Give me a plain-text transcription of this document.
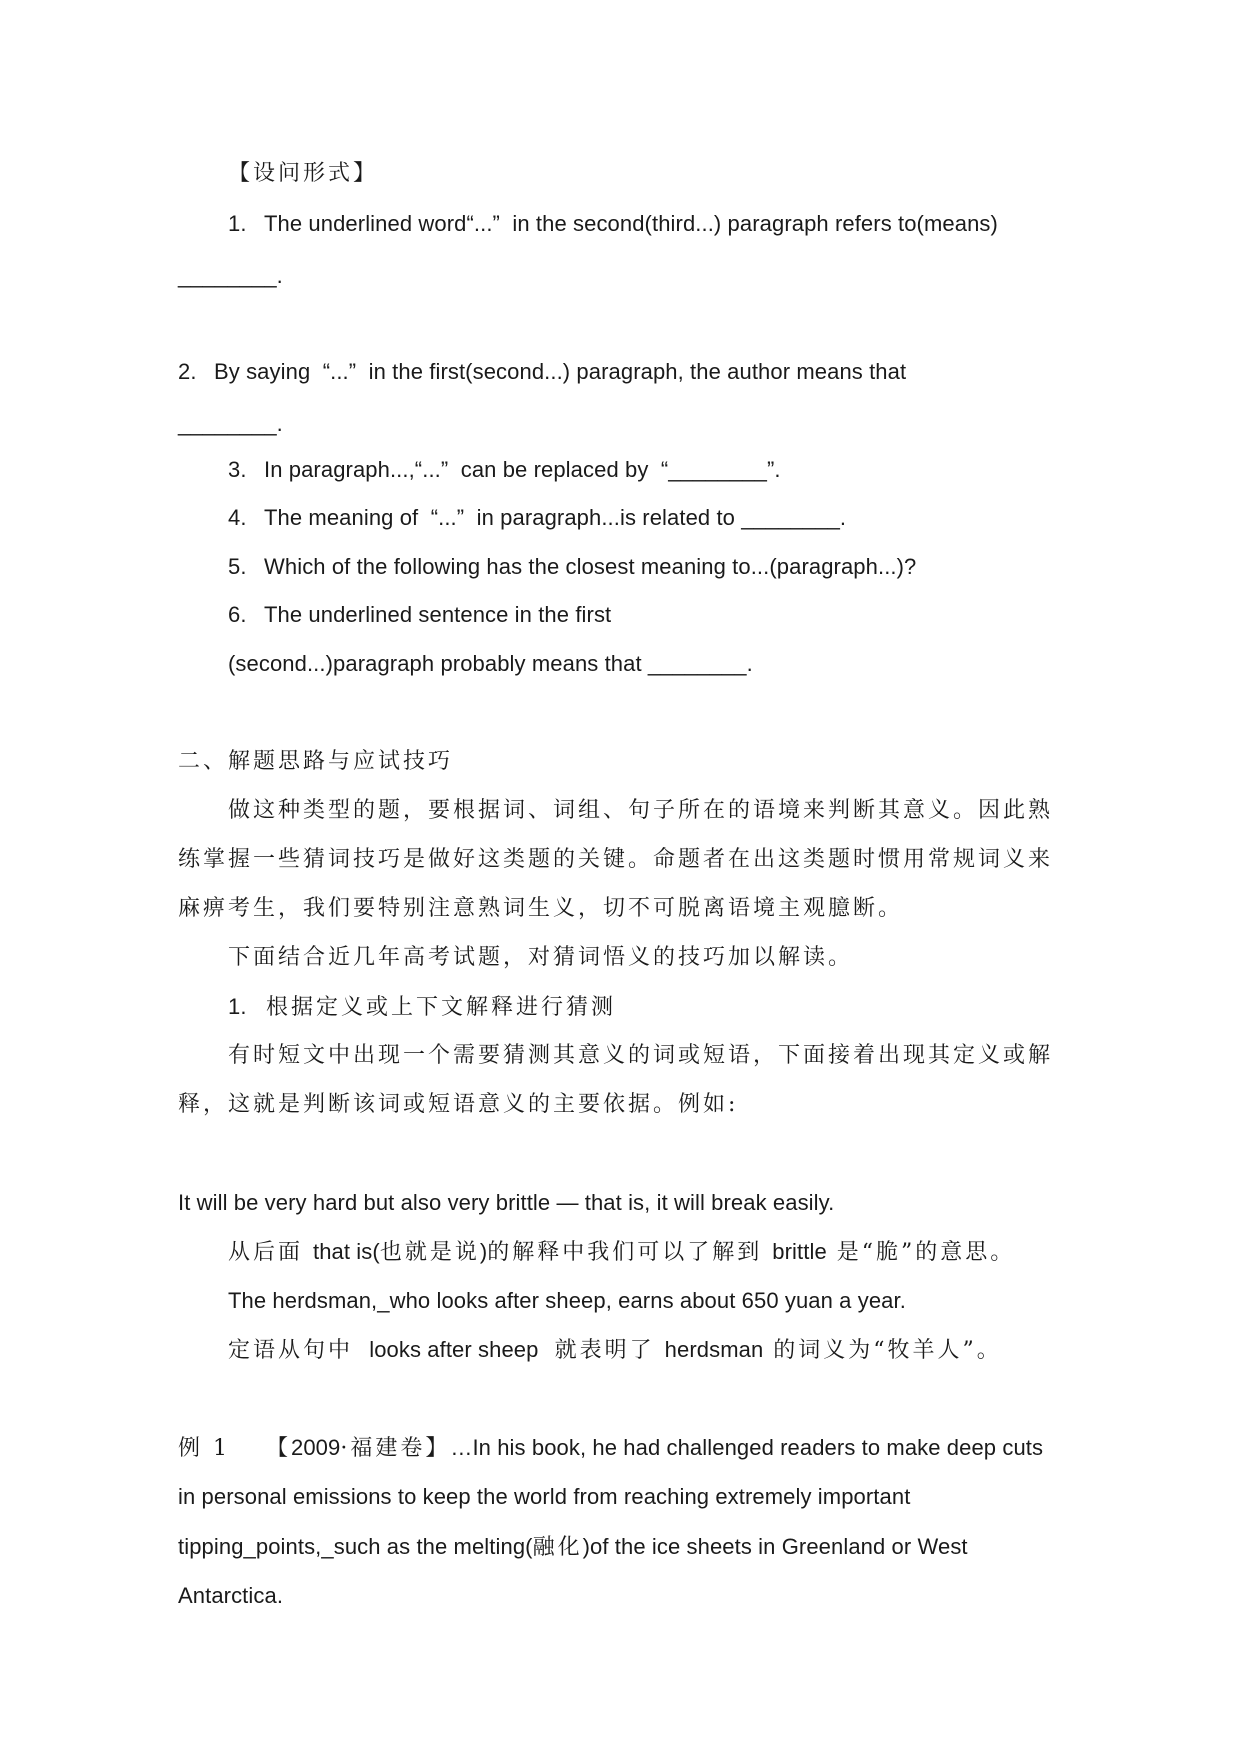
【设问形式】
1. The underlined word“...”  in the second(third...) paragraph refers to(means)
________.
2. By saying  “...”  in the first(second...) paragraph, the author means that
________.
3. In paragraph...,“...”  can be replaced by  “________”.
4. The meaning of  “...”  in paragraph...is related to ________.
5. Which of the following has the closest meaning to...(paragraph...)?
6. The underlined sentence in the first
(second...)paragraph probably means that ________.
二、解题思路与应试技巧
做这种类型的题，要根据词、词组、句子所在的语境来判断其意义。因此熟
练掌握一些猜词技巧是做好这类题的关键。命题者在出这类题时惯用常规词义来
麻痹考生，我们要特别注意熟词生义，切不可脱离语境主观臆断。
下面结合近几年高考试题，对猜词悟义的技巧加以解读。
1. 根据定义或上下文解释进行猜测
有时短文中出现一个需要猜测其意义的词或短语，下面接着出现其定义或解
释，这就是判断该词或短语意义的主要依据。例如:
It will be very hard but also very brittle — that is, it will break easily.
从后面 that is(也就是说)的解释中我们可以了解到 brittle 是“脆”的意思。
The herdsman,_who looks after sheep, earns about 650 yuan a year.
定语从句中  looks after sheep  就表明了 herdsman 的词义为“牧羊人”。
例 1 【2009·福建卷】…In his book, he had challenged readers to make deep cuts
in personal emissions to keep the world from reaching extremely important
tipping_points,_such as the melting(融化)of the ice sheets in Greenland or West
Antarctica.
